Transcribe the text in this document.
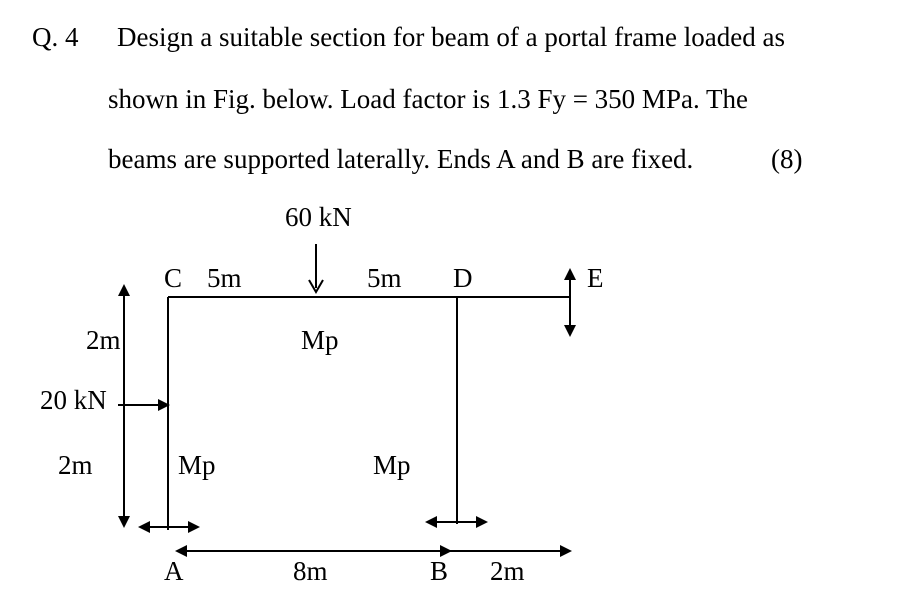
Q. 4 Design a suitable section for beam of a portal frame loaded as
shown in Fig. below. Load factor is 1.3 Fy = 350 MPa. The
beams are supported laterally. Ends A and B are fixed.	(8)
60 kN
C 5m	5m D	E
Mp
2m
20 kN
2m	Mp	Mp
A	8m	B 2m
